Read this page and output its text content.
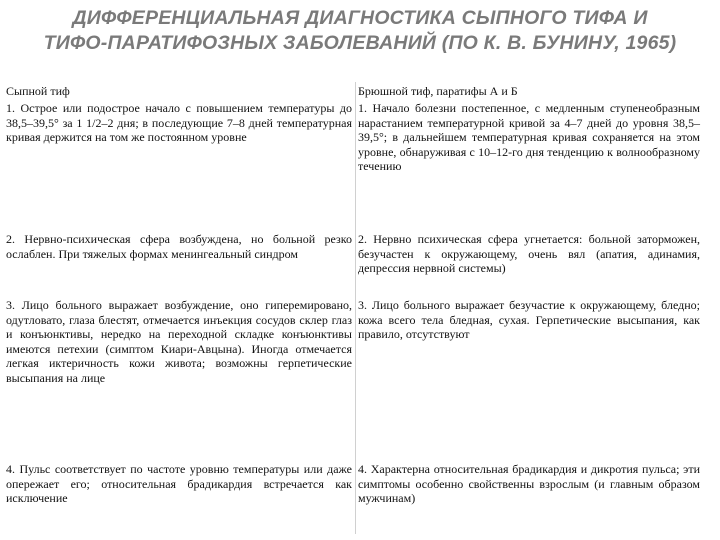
ДИФФЕРЕНЦИАЛЬНАЯ ДИАГНОСТИКА СЫПНОГО ТИФА И
ТИФО-ПАРАТИФОЗНЫХ ЗАБОЛЕВАНИЙ (ПО К. В. БУНИНУ, 1965)
Сыпной тиф	Брюшной тиф, паратифы А и Б
1. Острое или подострое начало с повышением температуры до 38,5–39,5° за 1 1/2–2 дня; в последующие 7–8 дней температурная кривая держится на том же постоянном уровне
1. Начало болезни постепенное, с медленным ступенеобразным нарастанием температурной кривой за 4–7 дней до уровня 38,5–39,5°; в дальнейшем температурная кривая сохраняется на этом уровне, обнаруживая с 10–12-го дня тенденцию к волнообразному течению
2. Нервно-психическая сфера возбуждена, но больной резко ослаблен. При тяжелых формах менингеальный синдром
2. Нервно психическая сфера угнетается: больной заторможен, безучастен к окружающему, очень вял (апатия, адинамия, депрессия нервной системы)
3. Лицо больного выражает возбуждение, оно гиперемировано, одутловато, глаза блестят, отмечается инъекция сосудов склер глаз и конъюнктивы, нередко на переходной складке конъюнктивы имеются петехии (симптом Киари-Авцына). Иногда отмечается легкая иктеричность кожи живота; возможны герпетические высыпания на лице
3. Лицо больного выражает безучастие к окружающему, бледно; кожа всего тела бледная, сухая. Герпетические высыпания, как правило, отсутствуют
4. Пульс соответствует по частоте уровню температуры или даже опережает его; относительная брадикардия встречается как исключение
4. Характерна относительная брадикардия и дикротия пульса; эти симптомы особенно свойственны взрослым (и главным образом мужчинам)
